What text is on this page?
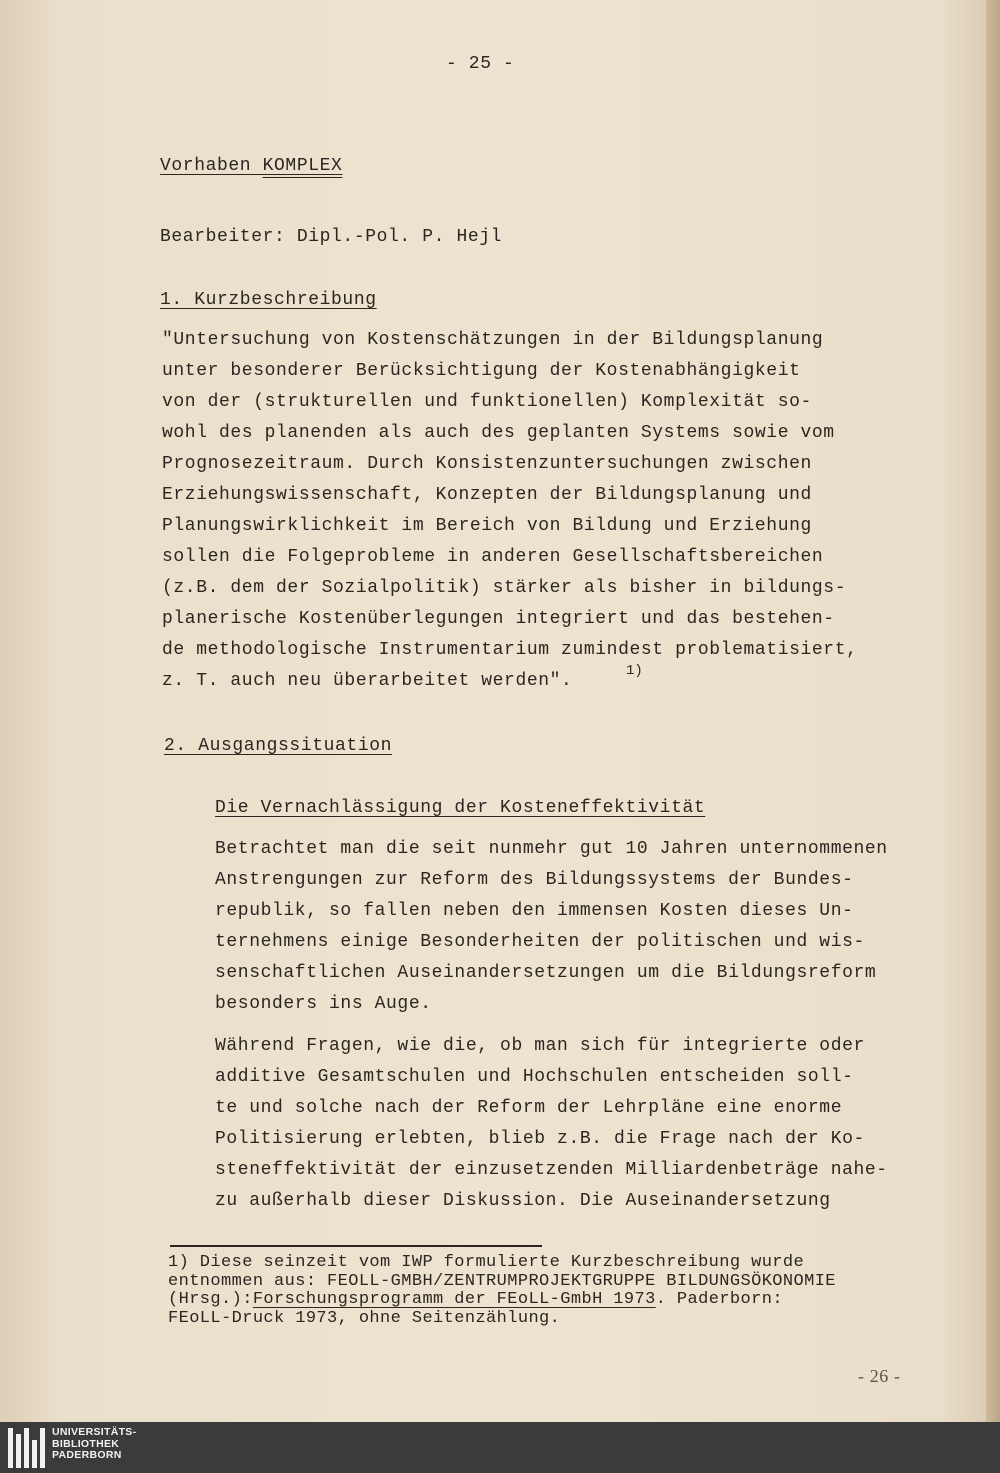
- 25 -
Vorhaben KOMPLEX
Bearbeiter: Dipl.-Pol. P. Hejl
1. Kurzbeschreibung
"Untersuchung von Kostenschätzungen in der Bildungsplanung
unter besonderer Berücksichtigung der Kostenabhängigkeit
von der (strukturellen und funktionellen) Komplexität so-
wohl des planenden als auch des geplanten Systems sowie vom
Prognosezeitraum. Durch Konsistenzuntersuchungen zwischen
Erziehungswissenschaft, Konzepten der Bildungsplanung und
Planungswirklichkeit im Bereich von Bildung und Erziehung
sollen die Folgeprobleme in anderen Gesellschaftsbereichen
(z.B. dem der Sozialpolitik) stärker als bisher in bildungs-
planerische Kostenüberlegungen integriert und das bestehen-
de methodologische Instrumentarium zumindest problematisiert,
z. T. auch neu überarbeitet werden".	1)
2. Ausgangssituation
Die Vernachlässigung der Kosteneffektivität
Betrachtet man die seit nunmehr gut 10 Jahren unternommenen
Anstrengungen zur Reform des Bildungssystems der Bundes-
republik, so fallen neben den immensen Kosten dieses Un-
ternehmens einige Besonderheiten der politischen und wis-
senschaftlichen Auseinandersetzungen um die Bildungsreform
besonders ins Auge.
Während Fragen, wie die, ob man sich für integrierte oder
additive Gesamtschulen und Hochschulen entscheiden soll-
te und solche nach der Reform der Lehrpläne eine enorme
Politisierung erlebten, blieb z.B. die Frage nach der Ko-
steneffektivität der einzusetzenden Milliardenbeträge nahe-
zu außerhalb dieser Diskussion. Die Auseinandersetzung
1) Diese seinzeit vom IWP formulierte Kurzbeschreibung wurde
entnommen aus: FEOLL-GMBH/ZENTRUMPROJEKTGRUPPE BILDUNGSÖKONOMIE
(Hrsg.):Forschungsprogramm der FEoLL-GmbH 1973. Paderborn:
FEoLL-Druck 1973, ohne Seitenzählung.
- 26 -
UNIVERSITÄTS-
BIBLIOTHEK
PADERBORN
